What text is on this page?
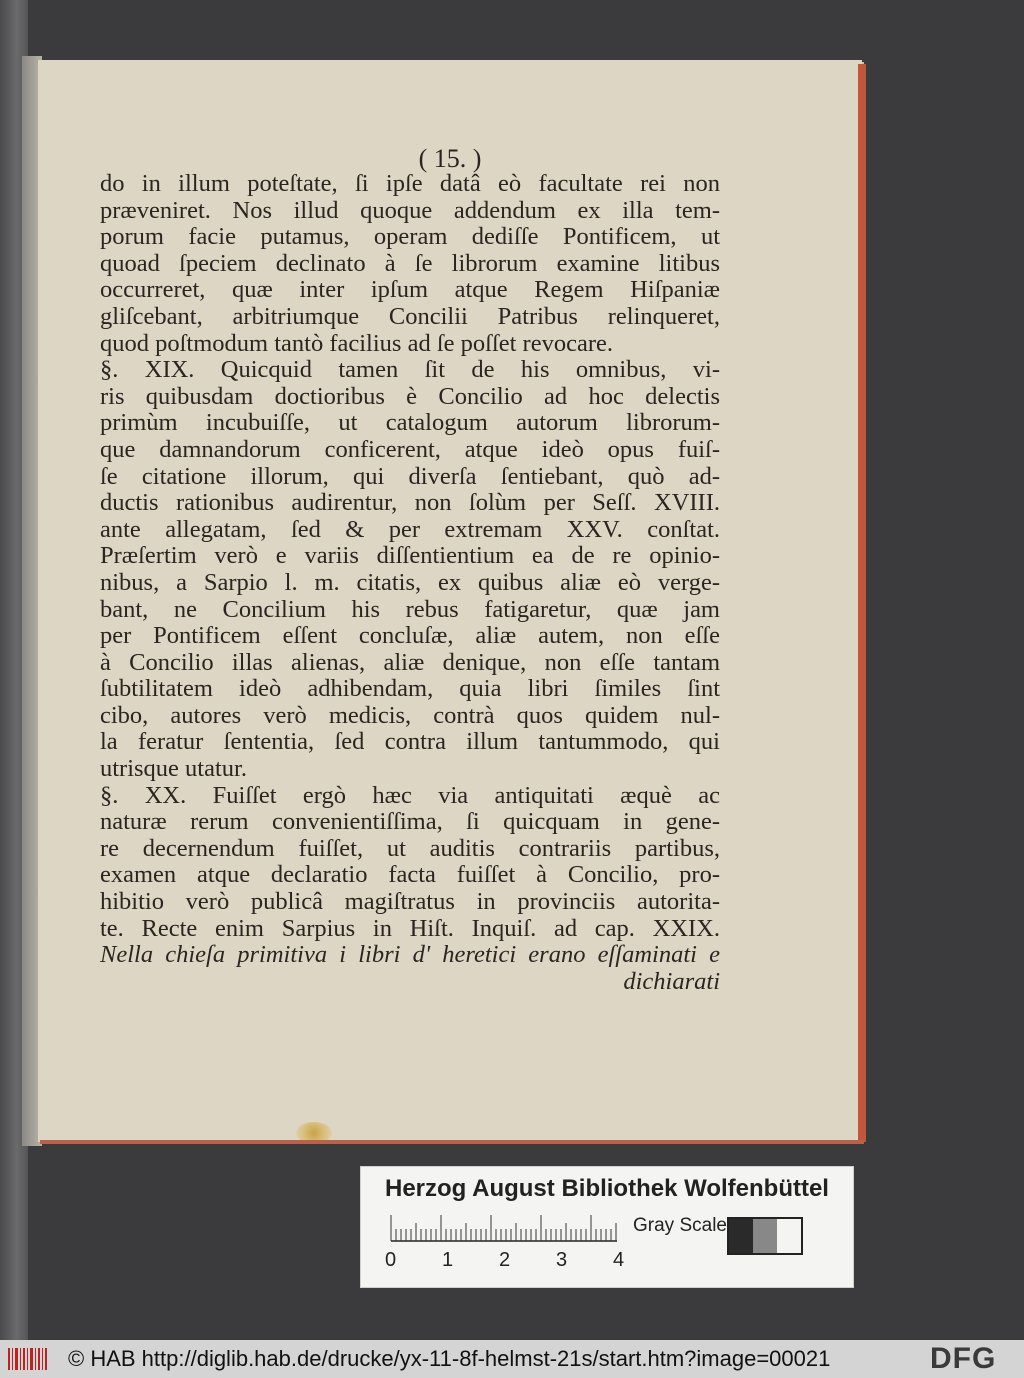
( 15. )
do in illum poteſtate, ſi ipſe datâ eò facultate rei non
præveniret. Nos illud quoque addendum ex illa tem-
porum facie putamus, operam dediſſe Pontificem, ut
quoad ſpeciem declinato à ſe librorum examine litibus
occurreret, quæ inter ipſum atque Regem Hiſpaniæ
gliſcebant, arbitriumque Concilii Patribus relinqueret,
quod poſtmodum tantò facilius ad ſe poſſet revocare.
§. XIX. Quicquid tamen ſit de his omnibus, vi-
ris quibusdam doctioribus è Concilio ad hoc delectis
primùm incubuiſſe, ut catalogum autorum librorum-
que damnandorum conficerent, atque ideò opus fuiſ-
ſe citatione illorum, qui diverſa ſentiebant, quò ad-
ductis rationibus audirentur, non ſolùm per Seſſ. XVIII.
ante allegatam, ſed & per extremam XXV. conſtat.
Præſertim verò e variis diſſentientium ea de re opinio-
nibus, a Sarpio l. m. citatis, ex quibus aliæ eò verge-
bant, ne Concilium his rebus fatigaretur, quæ jam
per Pontificem eſſent concluſæ, aliæ autem, non eſſe
à Concilio illas alienas, aliæ denique, non eſſe tantam
ſubtilitatem ideò adhibendam, quia libri ſimiles ſint
cibo, autores verò medicis, contrà quos quidem nul-
la feratur ſententia, ſed contra illum tantummodo, qui
utrisque utatur.
§. XX. Fuiſſet ergò hæc via antiquitati æquè ac
naturæ rerum convenientiſſima, ſi quicquam in gene-
re decernendum fuiſſet, ut auditis contrariis partibus,
examen atque declaratio facta fuiſſet à Concilio, pro-
hibitio verò publicâ magiſtratus in provinciis autorita-
te. Recte enim Sarpius in Hiſt. Inquiſ. ad cap. XXIX.
Nella chieſa primitiva i libri d' heretici erano eſſaminati e
dichiarati
Herzog August Bibliothek Wolfenbüttel
0 1 2 3 4
Gray Scale
© HAB http://diglib.hab.de/drucke/yx-11-8f-helmst-21s/start.htm?image=00021	DFG
